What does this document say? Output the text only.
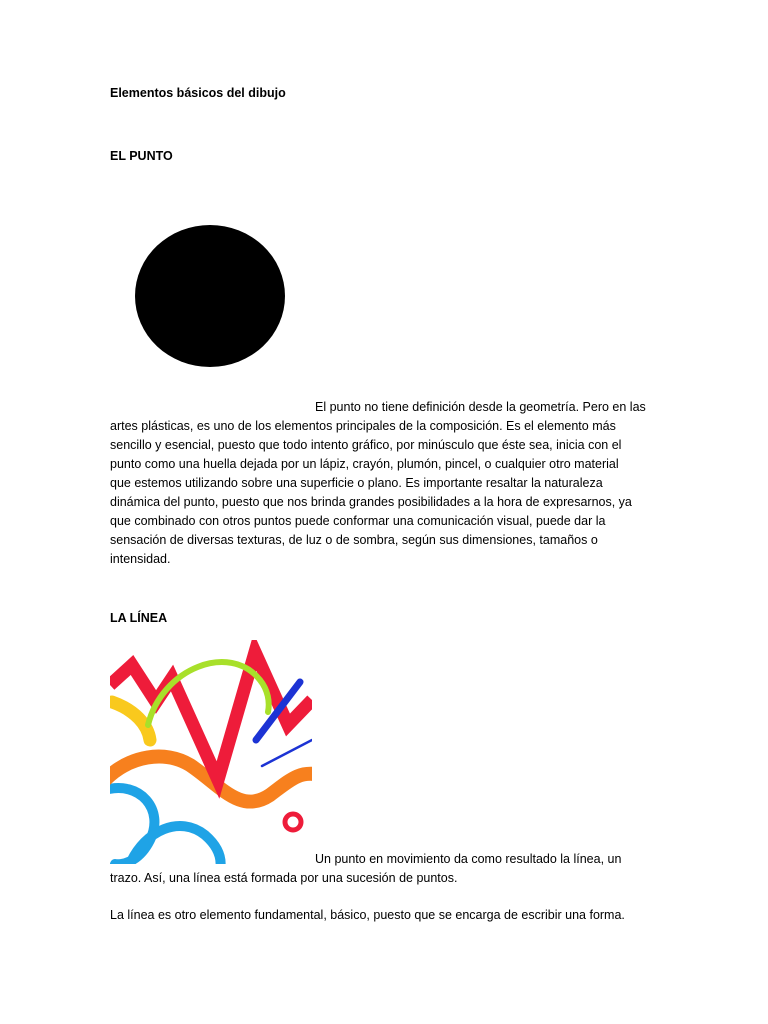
Elementos básicos del dibujo
EL PUNTO

El punto no tiene definición desde la geometría. Pero en las
artes plásticas, es uno de los elementos principales de la composición. Es el elemento más
sencillo y esencial, puesto que todo intento gráfico, por minúsculo que éste sea, inicia con el
punto como una huella dejada por un lápiz, crayón, plumón, pincel, o cualquier otro material
que estemos utilizando sobre una superficie o plano. Es importante resaltar la naturaleza
dinámica del punto, puesto que nos brinda grandes posibilidades a la hora de expresarnos, ya
que combinado con otros puntos puede conformar una comunicación visual, puede dar la
sensación de diversas texturas, de luz o de sombra, según sus dimensiones, tamaños o
intensidad.

LA LÍNEA

Un punto en movimiento da como resultado la línea, un
trazo. Así, una línea está formada por una sucesión de puntos.

La línea es otro elemento fundamental, básico, puesto que se encarga de escribir una forma.
